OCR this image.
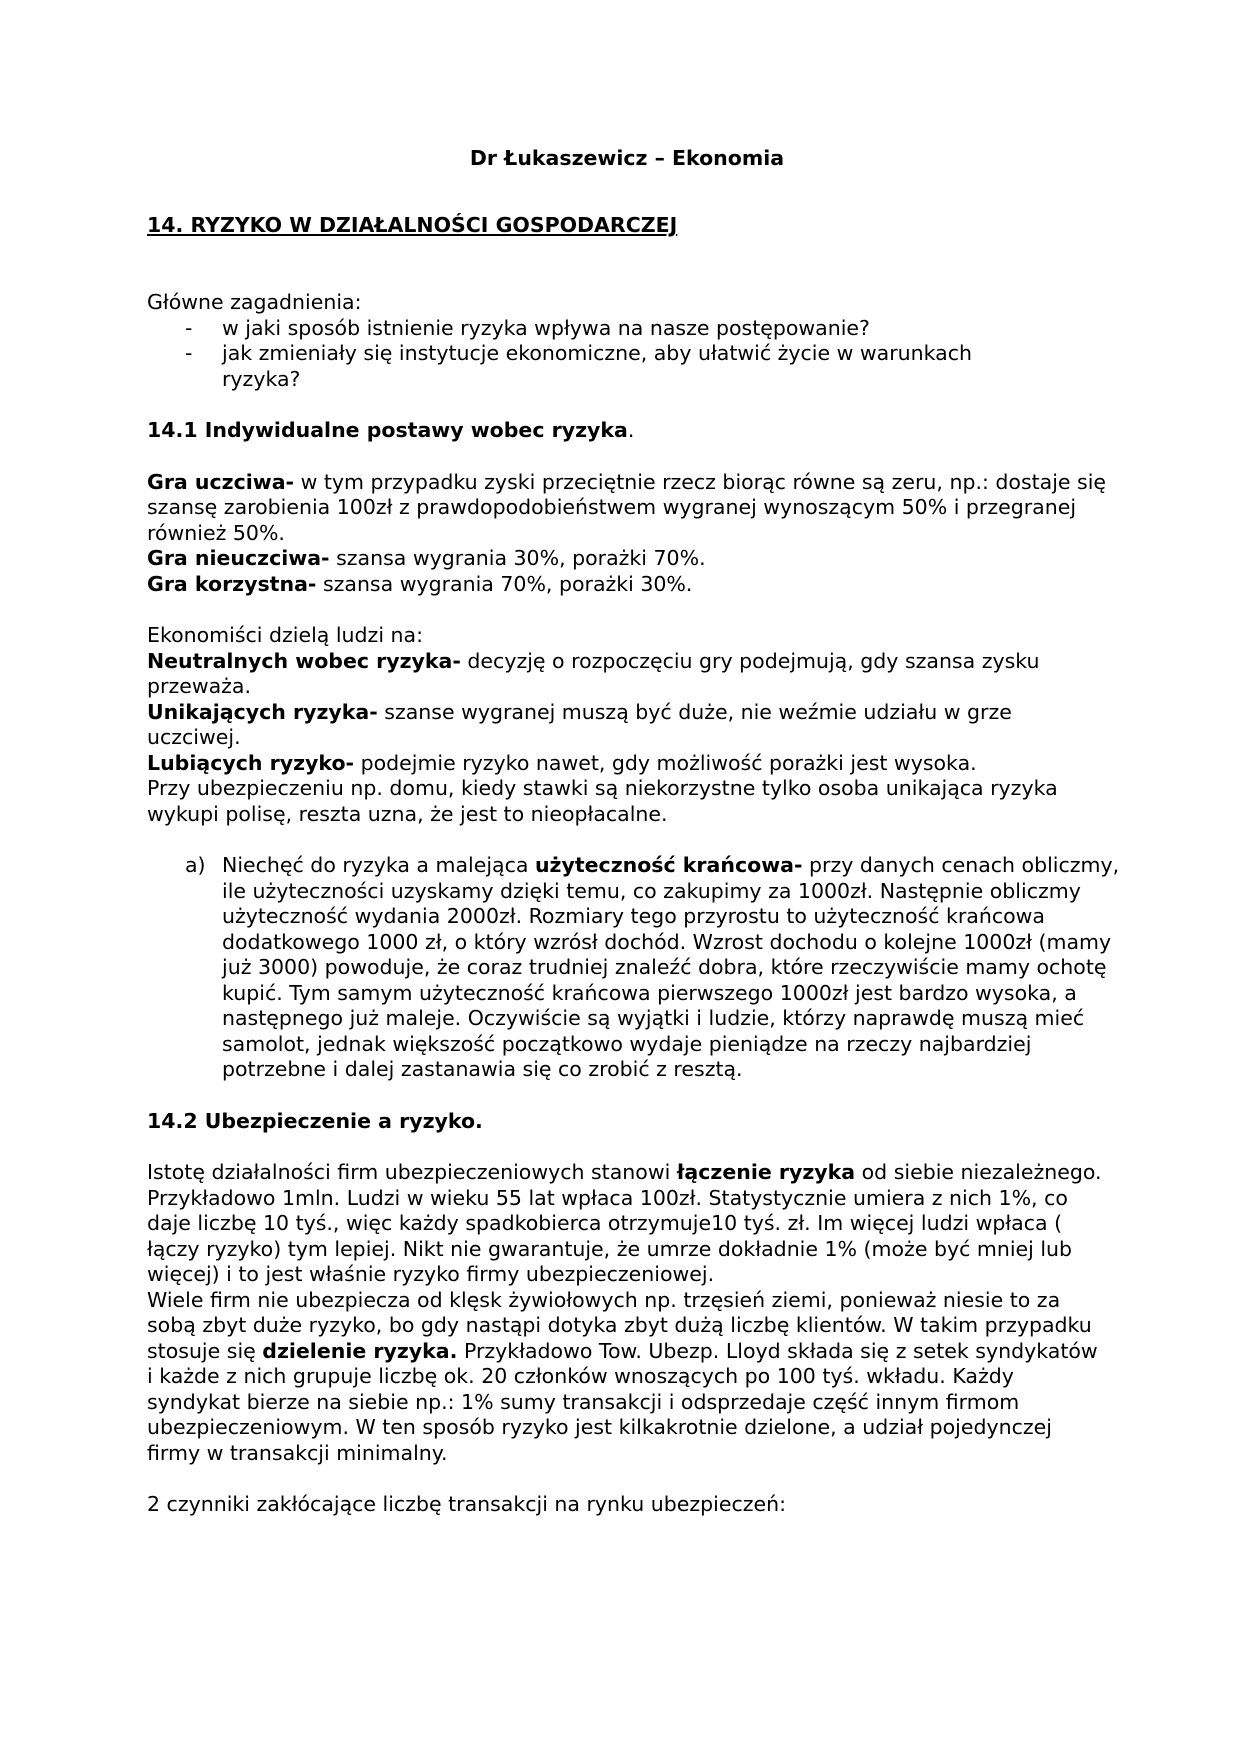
Dr Łukaszewicz – Ekonomia
14. RYZYKO W DZIAŁALNOŚCI GOSPODARCZEJ

Główne zagadnienia:

- w jaki sposób istnienie ryzyka wpływa na nasze postępowanie?
- jak zmieniały się instytucje ekonomiczne, aby ułatwić życie w warunkach ryzyka?

14.1 Indywidualne postawy wobec ryzyka.

Gra uczciwa- w tym przypadku zyski przeciętnie rzecz biorąc równe są zeru, np.: dostaje się szansę zarobienia 100zł z prawdopodobieństwem wygranej wynoszącym 50% i przegranej również 50%.

Gra nieuczciwa- szansa wygrania 30%, porażki 70%.

Gra korzystna- szansa wygrania 70%, porażki 30%.

Ekonomiści dzielą ludzi na:

Neutralnych wobec ryzyka- decyzję o rozpoczęciu gry podejmują, gdy szansa zysku przeważa.

Unikających ryzyka- szanse wygranej muszą być duże, nie weźmie udziału w grze uczciwej.

Lubiących ryzyko- podejmie ryzyko nawet, gdy możliwość porażki jest wysoka.

Przy ubezpieczeniu np. domu, kiedy stawki są niekorzystne tylko osoba unikająca ryzyka wykupi polisę, reszta uzna, że jest to nieopłacalne.

a) Niechęć do ryzyka a malejąca użyteczność krańcowa- przy danych cenach obliczmy, ile użyteczności uzyskamy dzięki temu, co zakupimy za 1000zł. Następnie obliczmy użyteczność wydania 2000zł. Rozmiary tego przyrostu to użyteczność krańcowa dodatkowego 1000 zł, o który wzrósł dochód. Wzrost dochodu o kolejne 1000zł (mamy już 3000) powoduje, że coraz trudniej znaleźć dobra, które rzeczywiście mamy ochotę kupić. Tym samym użyteczność krańcowa pierwszego 1000zł jest bardzo wysoka, a następnego już maleje. Oczywiście są wyjątki i ludzie, którzy naprawdę muszą mieć samolot, jednak większość początkowo wydaje pieniądze na rzeczy najbardziej potrzebne i dalej zastanawia się co zrobić z resztą.

14.2 Ubezpieczenie a ryzyko.

Istotę działalności firm ubezpieczeniowych stanowi łączenie ryzyka od siebie niezależnego. Przykładowo 1mln. Ludzi w wieku 55 lat wpłaca 100zł. Statystycznie umiera z nich 1%, co daje liczbę 10 tyś., więc każdy spadkobierca otrzymuje10 tyś. zł. Im więcej ludzi wpłaca ( łączy ryzyko) tym lepiej. Nikt nie gwarantuje, że umrze dokładnie 1% (może być mniej lub więcej) i to jest właśnie ryzyko firmy ubezpieczeniowej.

Wiele firm nie ubezpiecza od klęsk żywiołowych np. trzęsień ziemi, ponieważ niesie to za sobą zbyt duże ryzyko, bo gdy nastąpi dotyka zbyt dużą liczbę klientów. W takim przypadku stosuje się dzielenie ryzyka. Przykładowo Tow. Ubezp. Lloyd składa się z setek syndykatów i każde z nich grupuje liczbę ok. 20 członków wnoszących po 100 tyś. wkładu. Każdy syndykat bierze na siebie np.: 1% sumy transakcji i odsprzedaje część innym firmom ubezpieczeniowym. W ten sposób ryzyko jest kilkakrotnie dzielone, a udział pojedynczej firmy w transakcji minimalny.

2 czynniki zakłócające liczbę transakcji na rynku ubezpieczeń:
